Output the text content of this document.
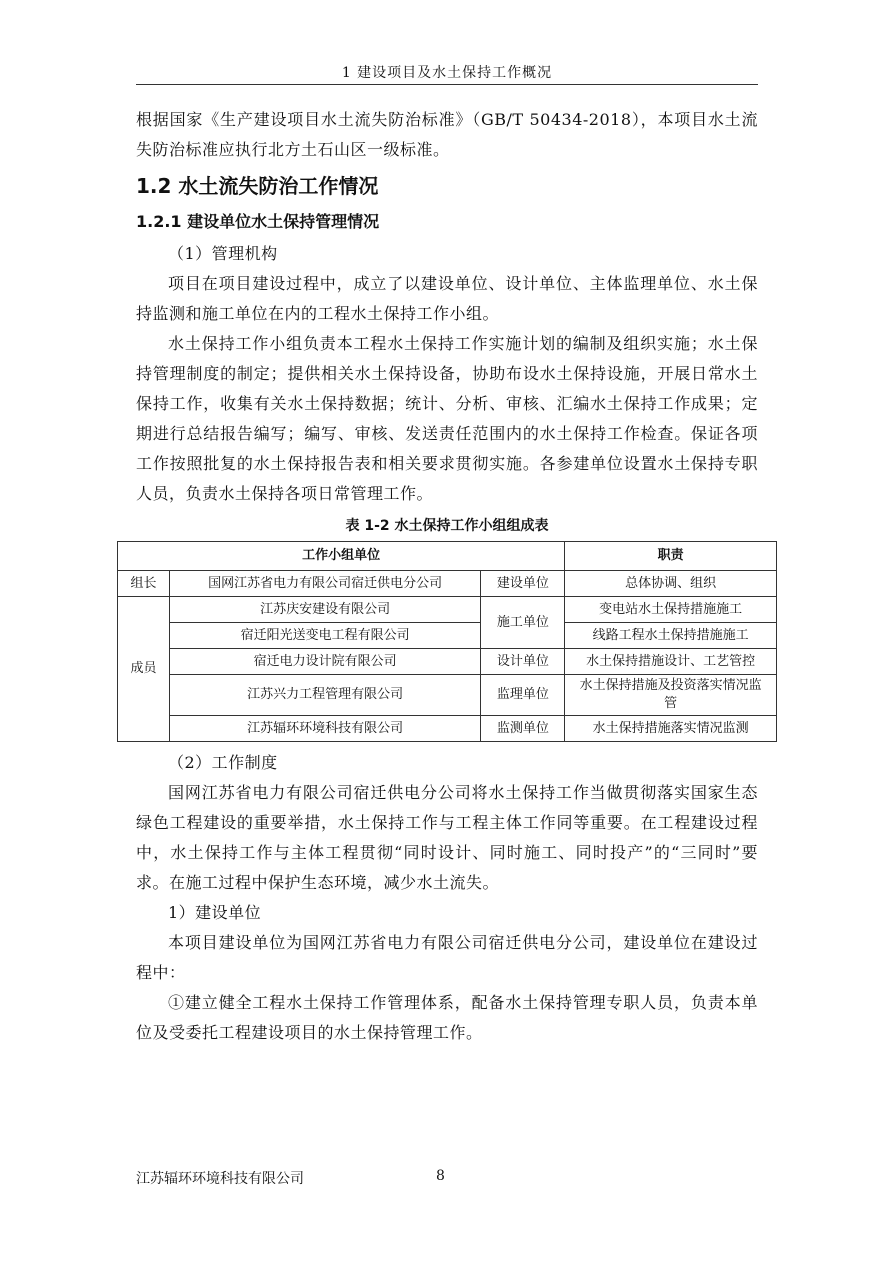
1 建设项目及水土保持工作概况

根据国家《生产建设项目水土流失防治标准》（GB/T 50434-2018），本项目水土流失防治标准应执行北方土石山区一级标准。

1.2 水土流失防治工作情况
1.2.1 建设单位水土保持管理情况

（1）管理机构

项目在项目建设过程中，成立了以建设单位、设计单位、主体监理单位、水土保持监测和施工单位在内的工程水土保持工作小组。

水土保持工作小组负责本工程水土保持工作实施计划的编制及组织实施；水土保持管理制度的制定；提供相关水土保持设备，协助布设水土保持设施，开展日常水土保持工作，收集有关水土保持数据；统计、分析、审核、汇编水土保持工作成果；定期进行总结报告编写；编写、审核、发送责任范围内的水土保持工作检查。保证各项工作按照批复的水土保持报告表和相关要求贯彻实施。各参建单位设置水土保持专职人员，负责水土保持各项日常管理工作。

表 1-2 水土保持工作小组组成表
工作小组单位			职责
组长	国网江苏省电力有限公司宿迁供电分公司	建设单位	总体协调、组织
成员	江苏庆安建设有限公司	施工单位	变电站水土保持措施施工
	宿迁阳光送变电工程有限公司		线路工程水土保持措施施工
	宿迁电力设计院有限公司	设计单位	水土保持措施设计、工艺管控
	江苏兴力工程管理有限公司	监理单位	水土保持措施及投资落实情况监管
	江苏辐环环境科技有限公司	监测单位	水土保持措施落实情况监测

（2）工作制度

国网江苏省电力有限公司宿迁供电分公司将水土保持工作当做贯彻落实国家生态绿色工程建设的重要举措，水土保持工作与工程主体工作同等重要。在工程建设过程中，水土保持工作与主体工程贯彻“同时设计、同时施工、同时投产”的“三同时”要求。在施工过程中保护生态环境，减少水土流失。

1）建设单位

本项目建设单位为国网江苏省电力有限公司宿迁供电分公司，建设单位在建设过程中：

①建立健全工程水土保持工作管理体系，配备水土保持管理专职人员，负责本单位及受委托工程建设项目的水土保持管理工作。

江苏辐环环境科技有限公司	8
